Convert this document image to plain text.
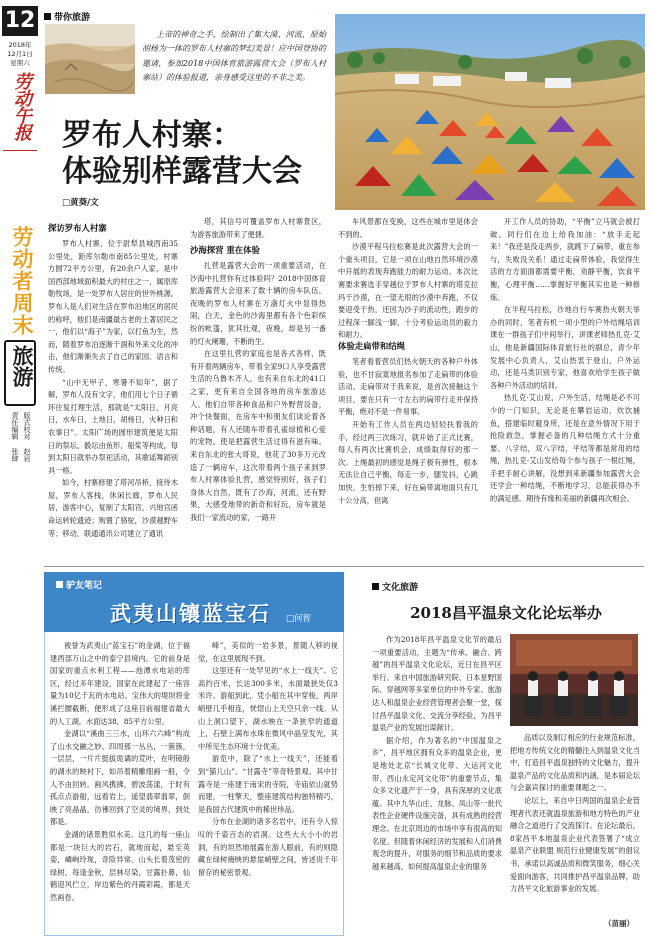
12
2018年
12月1日
星期六
劳动午报
劳动者周末
旅游
版式校对 赵岩
责任编辑 张肆
带你旅游

上帝的神奇之手，绘制出了集大漠、河流、原始胡杨为一体的罗布人村寨的梦幻美景！应中国登协的邀请，参加2018中国体育旅游露营大会（罗布人村寨站）的体验报道，亲身感受这里的不非之美。

罗布人村寨：
体验别样露营大会
□黄葵/文
探访罗布人村寨

罗布人村寨，位于尉犁县城西南35公里处，距库尔勒市南85公里处，村寨方圆72平方公里，有20余户人家，是中国西部地域面积最大的村庄之一，属原库勒牧场，是一处罗布人居住的世外桃源。罗布人是人们对生活在罗布泊地区的居民的称呼，他们是南疆最古老的土著居民之一，他们以“海子”为家，以打鱼为生，然而，随着罗布泊逐渐干涸和外来文化的冲击，他们渐渐失去了自己的家园、语言和传统。

“山中无甲子，寒暑不知年”，据了解，罗布人没有文字，他们用七个日子循环往复打理生活，那就是“太阳日，月亮日，水车日，土地日，胡杨日，火种日和农事日”。太阳广场的圆形建筑便是太阳日的祭坛，骰坛由鱼形，船桨等构成，每到太阳日就举办祭祀活动，其歌谣舞蹈别具一格。

如今，村寨修建了塔河吊桥，接待木屋，罗布人客栈，休闲长廊，罗布人民居，游客中心，复制了太阳宫，兴地宫函命运转轮遗迹；购置了骆驼，沙漠越野车等；移动，联通通讯公司建立了通讯

塔，其信号可覆盖罗布人村寨景区，为游客旅游带来了便捷。

沙海探营 重在体验

扎营是露营大会的一项重要活动，在沙海中扎营你有过体验吗？2018中国体育旅游露营大会迎来了数十辆的房车队伍，夜晚的罗布人村寨在万盏灯火中显得热闹，白天，金色的沙海里都有各个色彩缤纷的帐篷，犹其壮观，夜晚，却是另一番的灯火阑珊，不断的生。

在这里扎营的家庭也是各式各样，既有开着两辆房车，带着全家9口人享受露营生活的乌鲁木齐人，也有来自东北的41口之家，更有来自全国各地的房车旅游达人。他们自带各种食品和户外野营设备，冲个快餐面，在房车中和朋友们谈论着各种话题，有人还随车带着孔雀绿植和心爱的宠物，使是把露营生活过得有滋有味。来自东北的张大哥说，他花了30多万元改造了一辆房车，这次带着两个孩子来到罗布人村寨体验扎营，感觉特别好，孩子们身体大自然，既有了沙海，河流，还有野果，大感受地带的新奇和好玩，房车就是我们一家流动的家，一路开

车风景都在变换，这些在城市里是体会不到的。

沙漠平程马拉松赛是此次露营大会的一个重头项目，它是一项在山地自然环境沙漠中开展的表现奔跑能力的耐力运动。本次比赛要求赛选手穿越位于罗布人村寨的塔克拉玛干沙漠，在一望无垠的沙漠中奔跑，不仅要迎受干热，还因为沙子的流动性，跑步的过程深一脚浅一脚，十分考验运动员的毅力和耐力。

体验走扁带和结绳

笔者看着营员们热火朝天的各种户外体验，也不甘寂寞地报名参加了走扁带的体验活动。走扁带对于我来说，是首次接触这个项目，要在只有一寸左右的扁带行走并保持平衡，绝对不是一件易事。

开始有工作人员在两边轻轻扶着我的手，经过两三次练习，就开始了正式比赛，每人有两次比赛机会，成绩取得好的那一次。上绳最初的感觉是绳子极有弹性，根本无法让自己平衡，每走一步，腿发抖，心跳加快，生怕掉下来，好在扁带离地面只有几十公分高，但离

开工作人员的协助，“平衡”立马就会被打破。同行们在边上给我加油：“放手走起来！”我还是没走两步，就跳下了扁带，重在参与，失败没关系！通过走扁带体验，我觉得生活的方方面面都需要平衡，劝静平衡，饮食平衡，心理平衡……掌握好平衡其实也是一种修炼。

在半程马拉松，沙地自行车赛热火朝天举办的同时，笔者有机一项小型的户外结绳培训课在一群孩子们中间举行，讲课老师热扎克·艾山，他是新疆国际体育旅行社的副总，青少年发展中心负责人，艾山热衷于登山，户外运动，还是马类识别专家，他喜欢给学生孩子做各种户外活动的培训。

热扎克·艾山说，户外生活，结绳是必不可少的一门知识，无论是在攀岩运动，炊饮捕鱼，搭建临时避身所，还是在意外情况下用于抢险救急，掌握必备的几种结绳方式十分重要。八字结，双八字结，平结等都是常用的结绳，热扎克·艾山发给每个参与孩子一根红绳，手把手耐心讲解，没想到来新疆参加露营大会还学会一种结绳，不断地学习，总能获得办不的满足感。期待有缘和美丽的新疆再次相会。

驴友笔记
武夷山镶蓝宝石 □何智

被誉为武夷山“蓝宝石”的金湖，位于福建西部万山之中的泰宁县境内。它的前身是国家的重点水利工程——池潭水电站的库区，经过多年建设，国家在此建起了一座容量为10亿千瓦的水电站。宝伟大的堤坝将金溪拦腰截断，便形成了这座目前福建省最大的人工湖，水面达38，85平方公里。

金湖以“溪曲三三水，山环六六峰”构成了山水交融之妙。四周那一丛丛，一簇簇，一层层，一片片挺拔诡谲的荒叶，在明镜般的湖水的映衬下，如吊着精雕细画一般，令人不由回转。画风携拂，碧波荡漾，于时有孤点点游船，远看岩上，遥望翡翠翡翠，倒映了亮晶晶，彷彿回到了空灵的境界，到处都是。

金湖的诸景胜似水美。这几的每一座山都是一块巨大的岩石，就地而起，悬至英姿，嶙峋玲珑，奇险异常。山头长着茂密的绿树，每逢金秋，层林尽染，甘露扑鼻，仙鹤迎风伫立，岸边紫色的丹霞彩霞，都是天然画卷。

峰”，美似的一岩多景，景随人移的视觉，在这里展现不到。

这里还有一处罕见的“水上一线天”。它高约百米，长达300多米，水面最狭处仅3米许。游船到此，凭小船在其中穿梭，两岸峭壁几乎相连，恍惚山上天空只余一线。从山上洞口望下，湖水映在一条狭窄的通道上，石壁上满布水珠在微风中晶莹发光，其中所见生态环境十分优美。

游览中，除了“水上一线天”，还能看到“猫儿山”、“甘露寺”等奇特景观。其中甘露寺是一座建于南宋的寺院，寺庙依山就势而建，一柱擎天，整座建筑结构独特精巧，是我国古代建筑中的稀世珍品。

分布在金湖的诸多名岩中，还有令人惊叹的千姿百态的岩洞。这些大大小小的岩洞，有的坦然地展露在游人眼前，有的则隐藏在绿树掩映的悬崖峭壁之间，皆述说千年留存的秘密景观。

文化旅游
2018昌平温泉文化论坛举办

作为2018年昌平温泉文化节的最后一项重要活动，主题为“传承、融合、跨越”的昌平温泉文化论坛，近日在昌平区举行。来自中国旅游研究院、日本星野国际、穿越网等多家单位的中外专家、旅游达人和温泉企业经营管理者会聚一堂，探讨昌平温泉文化、交流分享经验，为昌平温泉产业的发展出谋献计。

据介绍，作为著名的“中国温泉之乡”，昌平地区拥有众多的温泉企业，更是地处北京“长城文化带、大运河文化带、西山永定河文化带”的重要节点，集众多文化遗产于一身，具有深厚的文化底蕴。其中九华山庄、龙脉、凤山等一批代表性企业硬件设施完备，具有成熟的经营理念。在北京周边的市场中享有很高的知名度。但随着休闲经济的发展和人们消费观念的提升，对服务的细节和品质的要求越来越高，如何提高温泉企业的服务

品质以及制订相应的行业规范标准，把地方传统文化的精髓注入到温泉文化当中，打造昌平温泉独特的文化魅力，提升温泉产品的文化品质和内涵，是本届论坛与会嘉宾探讨的重要课题之一。

论坛上，来自中日两国的温泉企业管理者代表还就温泉旅游和地方特色的产业融合之道进行了交流探讨。在论坛最后，8家昌平本地温泉企业代表签署了“成立温泉产业联盟 规范行业健康发展”的倡议书，承诺以高诚品质和微笑服务，细心关爱面向游客，共同推护昌平温泉品牌，助力昌平文化旅游事业的发展。

（苗丽）
